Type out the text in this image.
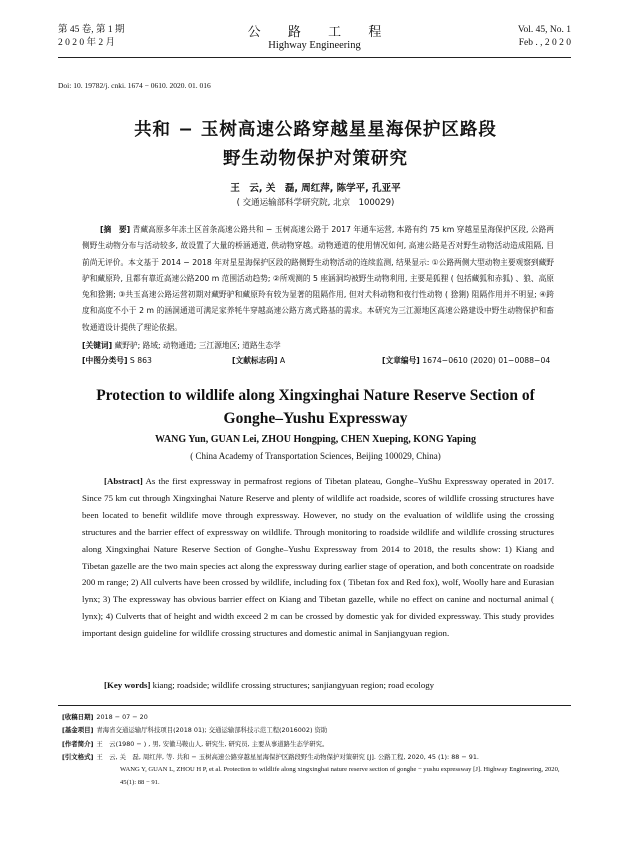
第 45 卷, 第 1 期
2 0 2 0 年 2 月
公 路 工 程
Highway Engineering
Vol. 45, No. 1
Feb . , 2 0 2 0
Doi: 10. 19782/j. cnki. 1674 − 0610. 2020. 01. 016
共和 − 玉树高速公路穿越星星海保护区路段
野生动物保护对策研究
王　云, 关　磊, 周红萍, 陈学平, 孔亚平
( 交通运输部科学研究院, 北京　100029)
[摘　要] 青藏高原多年冻土区首条高速公路共和 − 玉树高速公路于 2017 年通车运营, 本路有约 75 km 穿越星星海保护区段, 公路两侧野生动物分布与活动较多, 故设置了大量的桥涵通道, 供动物穿越。动物通道的使用情况如何, 高速公路是否对野生动物活动造成阻隔, 目前尚无评价。本文基于 2014 − 2018 年对星星海保护区段的路侧野生动物活动的连续监测, 结果显示: ①公路两侧大型动物主要观察到藏野驴和藏原羚, 且都有靠近高速公路200 m 范围活动趋势; ②所观测的 5 座涵洞均被野生动物利用, 主要是狐狸 ( 包括藏狐和赤狐) 、狼、高原兔和猞猁; ③共玉高速公路运营初期对藏野驴和藏原羚有较为显著的阻隔作用, 但对犬科动物和夜行性动物 ( 猞猁) 阻隔作用并不明显; ④跨度和高度不小于 2 m 的涵洞通道可满足家养牦牛穿越高速公路方离式路基的需求。本研究为三江源地区高速公路建设中野生动物保护和畜牧通道设计提供了理论依据。
[关键词] 藏野驴; 路域; 动物通道; 三江源地区; 道路生态学
[中图分类号] S 863	[文献标志码] A	[文章编号] 1674−0610 (2020) 01−0088−04
Protection to wildlife along Xingxinghai Nature Reserve Section of
Gonghe–Yushu Expressway
WANG Yun, GUAN Lei, ZHOU Hongping, CHEN Xueping, KONG Yaping
( China Academy of Transportation Sciences, Beijing 100029, China)
[Abstract] As the first expressway in permafrost regions of Tibetan plateau, Gonghe–YuShu Expressway operated in 2017. Since 75 km cut through Xingxinghai Nature Reserve and plenty of wildlife act roadside, scores of wildlife crossing structures have been located to benefit wildlife move through expressway. However, no study on the evaluation of wildlife using the crossing structures and the barrier effect of expressway on wildlife. Through monitoring to roadside wildlife and wildlife crossing structures along Xingxinghai Nature Reserve Section of Gonghe–Yushu Expressway from 2014 to 2018, the results show: 1) Kiang and Tibetan gazelle are the two main species act along the expressway during earlier stage of operation, and both concentrate on roadside 200 m range; 2) All culverts have been crossed by wildlife, including fox ( Tibetan fox and Red fox), wolf, Woolly hare and Eurasian lynx; 3) The expressway has obvious barrier effect on Kiang and Tibetan gazelle, while no effect on canine and nocturnal animal ( lynx); 4) Culverts that of height and width exceed 2 m can be crossed by domestic yak for divided expressway. This study provides important design guideline for wildlife crossing structures and domestic animal in Sanjiangyuan region.
[Key words] kiang; roadside; wildlife crossing structures; sanjiangyuan region; road ecology
[收稿日期] 2018 − 07 − 20
[基金项目] 青海省交通运输厅科技项目(2018 01); 交通运输部科技示范工程(2016002) 资助
[作者简介] 王　云(1980 − ) , 男, 安徽马鞍山人, 研究生, 研究员, 主要从事道路生态学研究。
[引文格式] 王　云, 关　磊, 周红萍, 等. 共和 − 玉树高速公路穿越星星海保护区路段野生动物保护对策研究 [J]. 公路工程, 2020, 45 (1): 88 − 91.
WANG Y, GUAN L, ZHOU H P, et al. Protection to wildlife along xingxinghai nature reserve section of gonghe − yushu expressway [J]. Highway Engineering, 2020, 45(1): 88 − 91.
